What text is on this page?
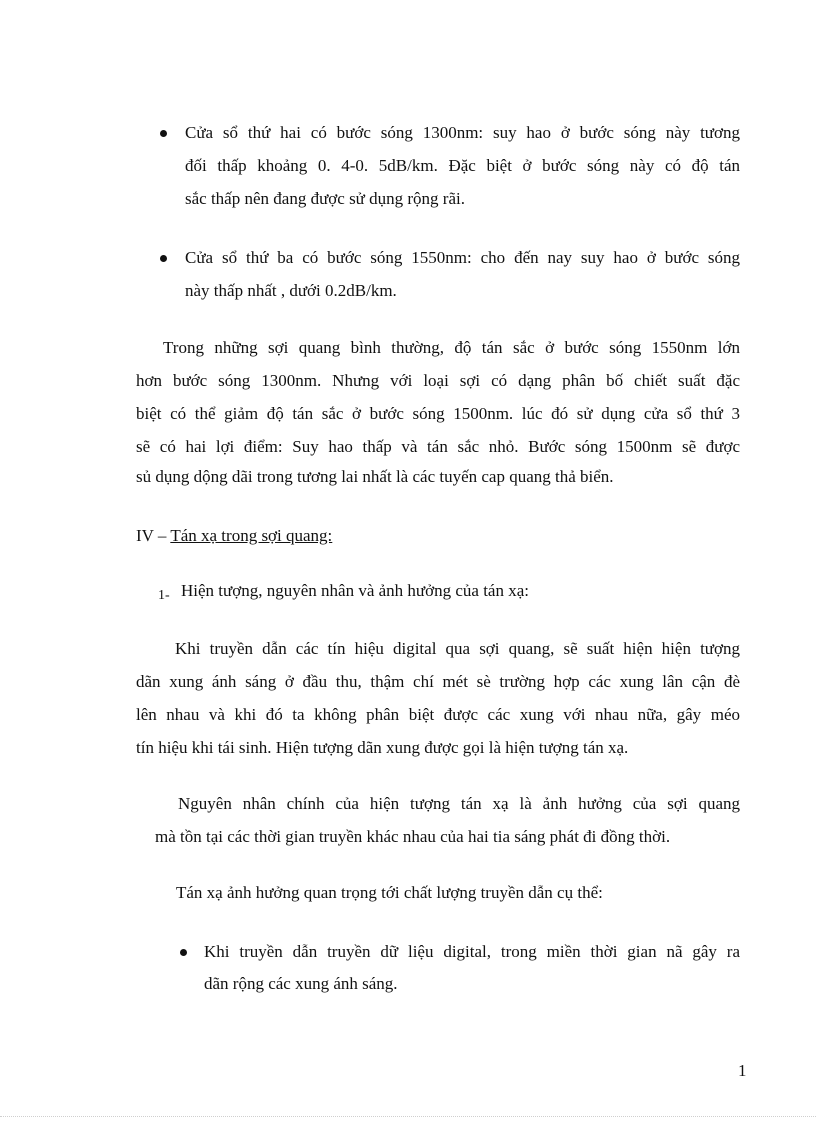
Cửa sổ thứ hai có bước sóng 1300nm: suy hao ở bước sóng này tương
đối thấp khoảng 0. 4-0. 5dB/km. Đặc biệt ở bước sóng này có độ tán
sắc thấp nên đang được sử dụng rộng rãi.
Cửa sổ thứ ba có bước sóng 1550nm: cho đến nay suy hao ở bước sóng
này thấp nhất , dưới 0.2dB/km.
Trong những sợi quang bình thường, độ tán sắc ở bước sóng 1550nm lớn
hơn bước sóng 1300nm. Nhưng với loại sợi có dạng phân bố chiết suất đặc
biệt có thể giảm độ tán sắc ở bước sóng 1500nm. lúc đó sử dụng cửa sổ thứ 3
sẽ có hai lợi điểm: Suy hao thấp và tán sắc nhỏ. Bước sóng 1500nm sẽ được
sủ dụng dộng dãi trong tương lai nhất là các tuyến cap quang thả biển.
IV – Tán xạ trong sợi quang:
1- Hiện tượng, nguyên nhân và ảnh hưởng của tán xạ:
Khi truyền dẫn các tín hiệu digital qua sợi quang, sẽ suất hiện hiện tượng
dãn xung ánh sáng ở đầu thu, thậm chí mét sè trường hợp các xung lân cận đè
lên nhau và khi đó ta không phân biệt được các xung với nhau nữa, gây méo
tín hiệu khi tái sinh. Hiện tượng dãn xung được gọi là hiện tượng tán xạ.
Nguyên nhân chính của hiện tượng tán xạ là ảnh hưởng của sợi quang
mà tồn tại các thời gian truyền khác nhau của hai tia sáng phát đi đồng thời.
Tán xạ ảnh hưởng quan trọng tới chất lượng truyền dẫn cụ thể:
Khi truyền dẫn truyền dữ liệu digital, trong miền thời gian nã gây ra
dãn rộng các xung ánh sáng.
1
